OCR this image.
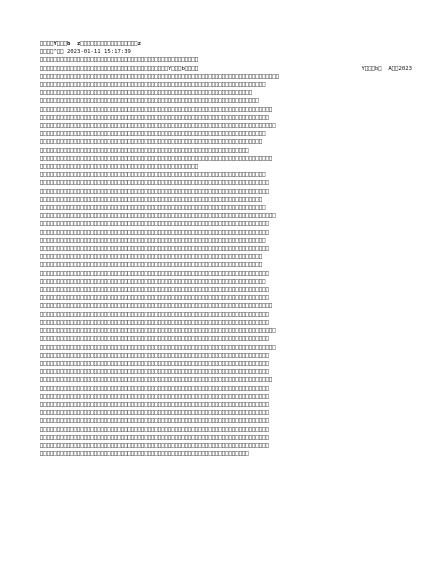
    Y   b  z                 z
    ^   2023-01-11 15:17:39
                                               
                                      Y   b    	Y   b   A  2023
                                                                       
                                                                   
                                                               
                                                                 
                                                                     
                                                                    
                                                                      
                                                                   
                                                                  
                                                              
                                                                     
                                               
                                                                   
                                                                    
                                                                    
                                                                  
                                                                   
                                                                      
                                                                    
                                                                    
                                                                   
                                                                    
                                                                  
                                                                  
                                                                    
                                                                   
                                                                    
                                                                    
                                                                     
                                                                    
                                                                    
                                                                      
                                                                    
                                                                      
                                                                    
                                                                    
                                                                    
                                                                     
                                                                    
                                                                    
                                                                    
                                                                    
                                                                    
                                                                    
                                                                    
                                                                    
                                                              
